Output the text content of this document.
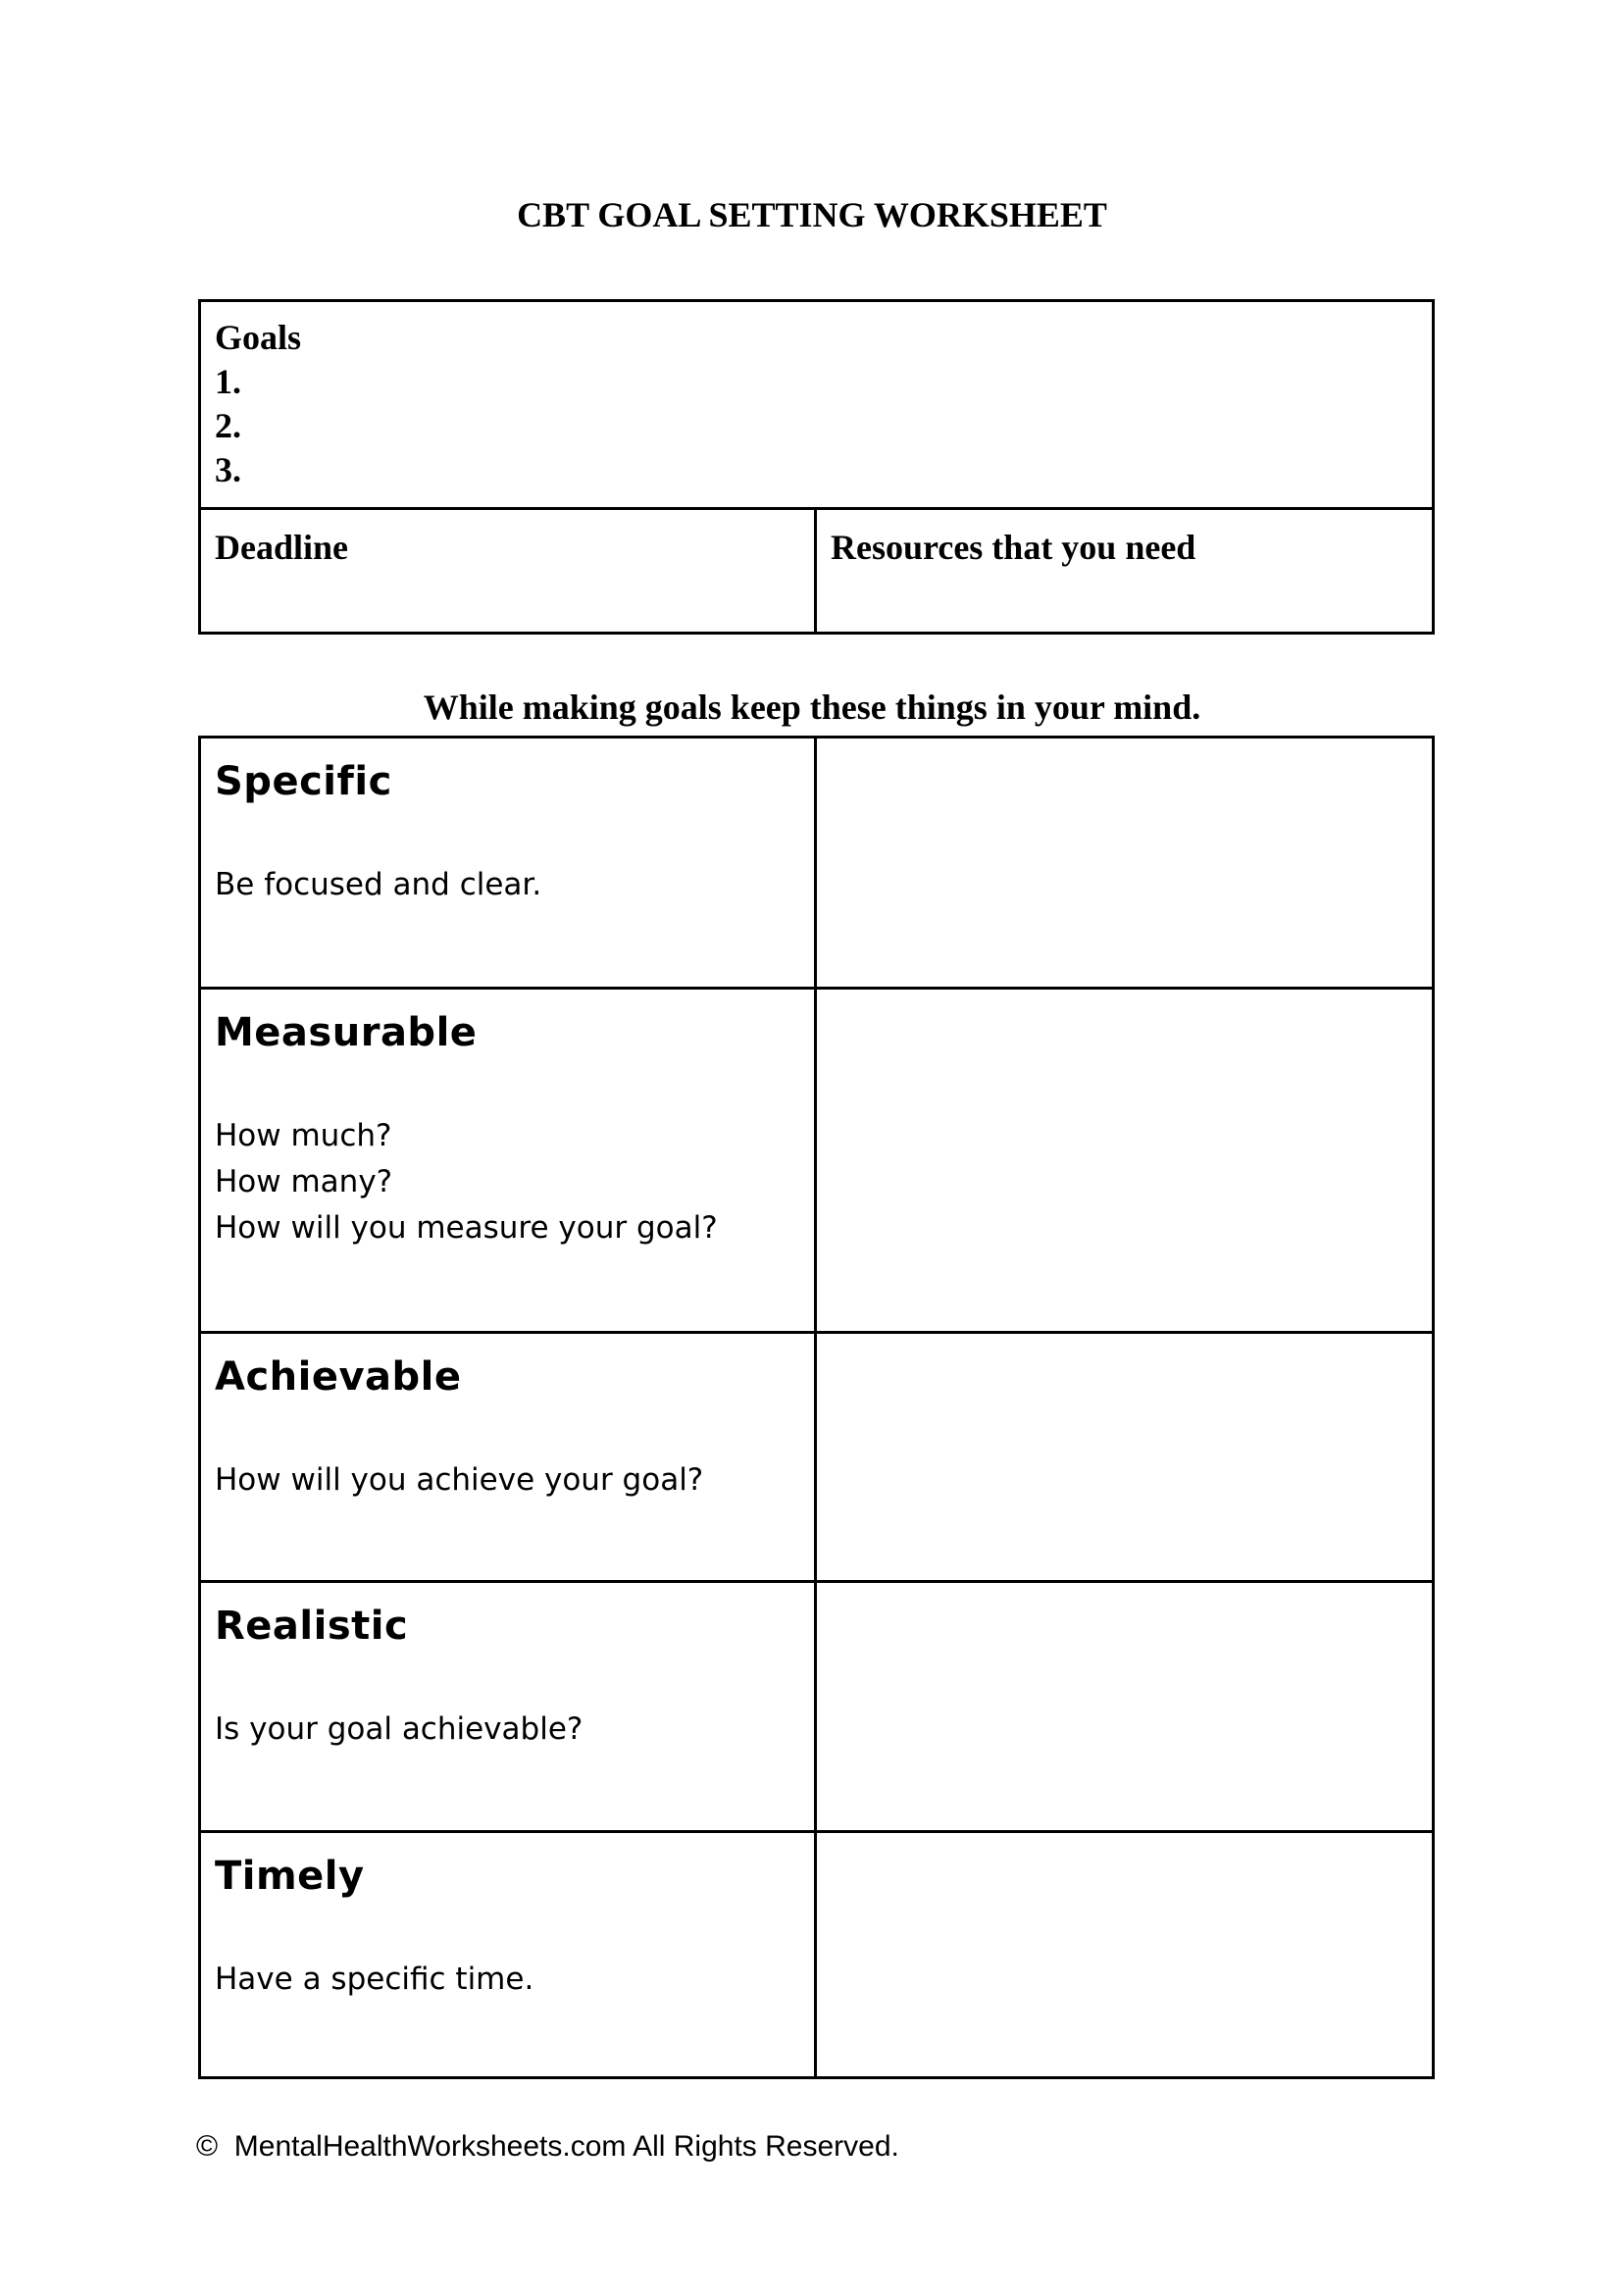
CBT GOAL SETTING WORKSHEET
Goals
1.
2.
3.
Deadline	Resources that you need
While making goals keep these things in your mind.
Specific
Be focused and clear.
Measurable
How much?
How many?
How will you measure your goal?
Achievable
How will you achieve your goal?
Realistic
Is your goal achievable?
Timely
Have a specific time.
© MentalHealthWorksheets.com All Rights Reserved.
